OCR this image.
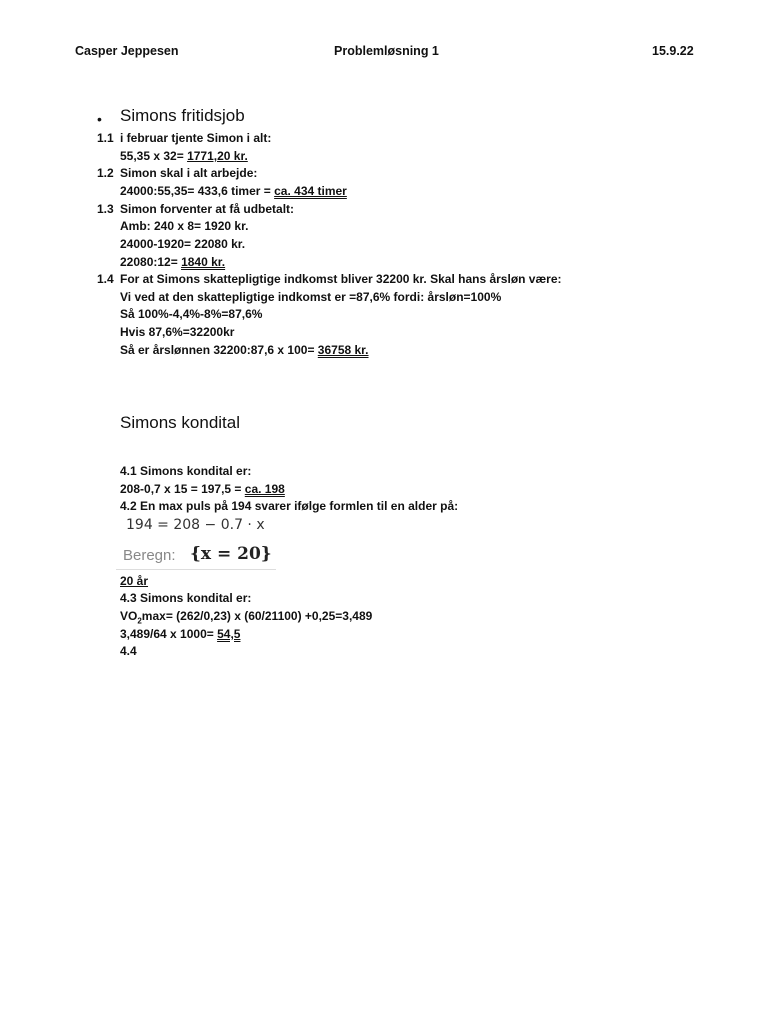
Casper Jeppesen	Problemløsning 1	15.9.22
• Simons fritidsjob
1.1 i februar tjente Simon i alt:
55,35 x 32= 1771,20 kr.
1.2 Simon skal i alt arbejde:
24000:55,35= 433,6 timer = ca. 434 timer
1.3 Simon forventer at få udbetalt:
Amb: 240 x 8= 1920 kr.
24000-1920= 22080 kr.
22080:12= 1840 kr.
1.4 For at Simons skattepligtige indkomst bliver 32200 kr. Skal hans årsløn være:
Vi ved at den skattepligtige indkomst er =87,6% fordi: årsløn=100%
Så 100%-4,4%-8%=87,6%
Hvis 87,6%=32200kr
Så er årslønnen 32200:87,6 x 100= 36758 kr.
Simons kondital
4.1 Simons kondital er:
208-0,7 x 15 = 197,5 = ca. 198
4.2 En max puls på 194 svarer ifølge formlen til en alder på:
194 = 208 − 0.7 · x
Beregn: {x = 20}
20 år
4.3 Simons kondital er:
$VO_2\max= (262/0,23)$ x (60/21100) +0,25=3,489
3,489/64 x 1000= 54,5
4.4
